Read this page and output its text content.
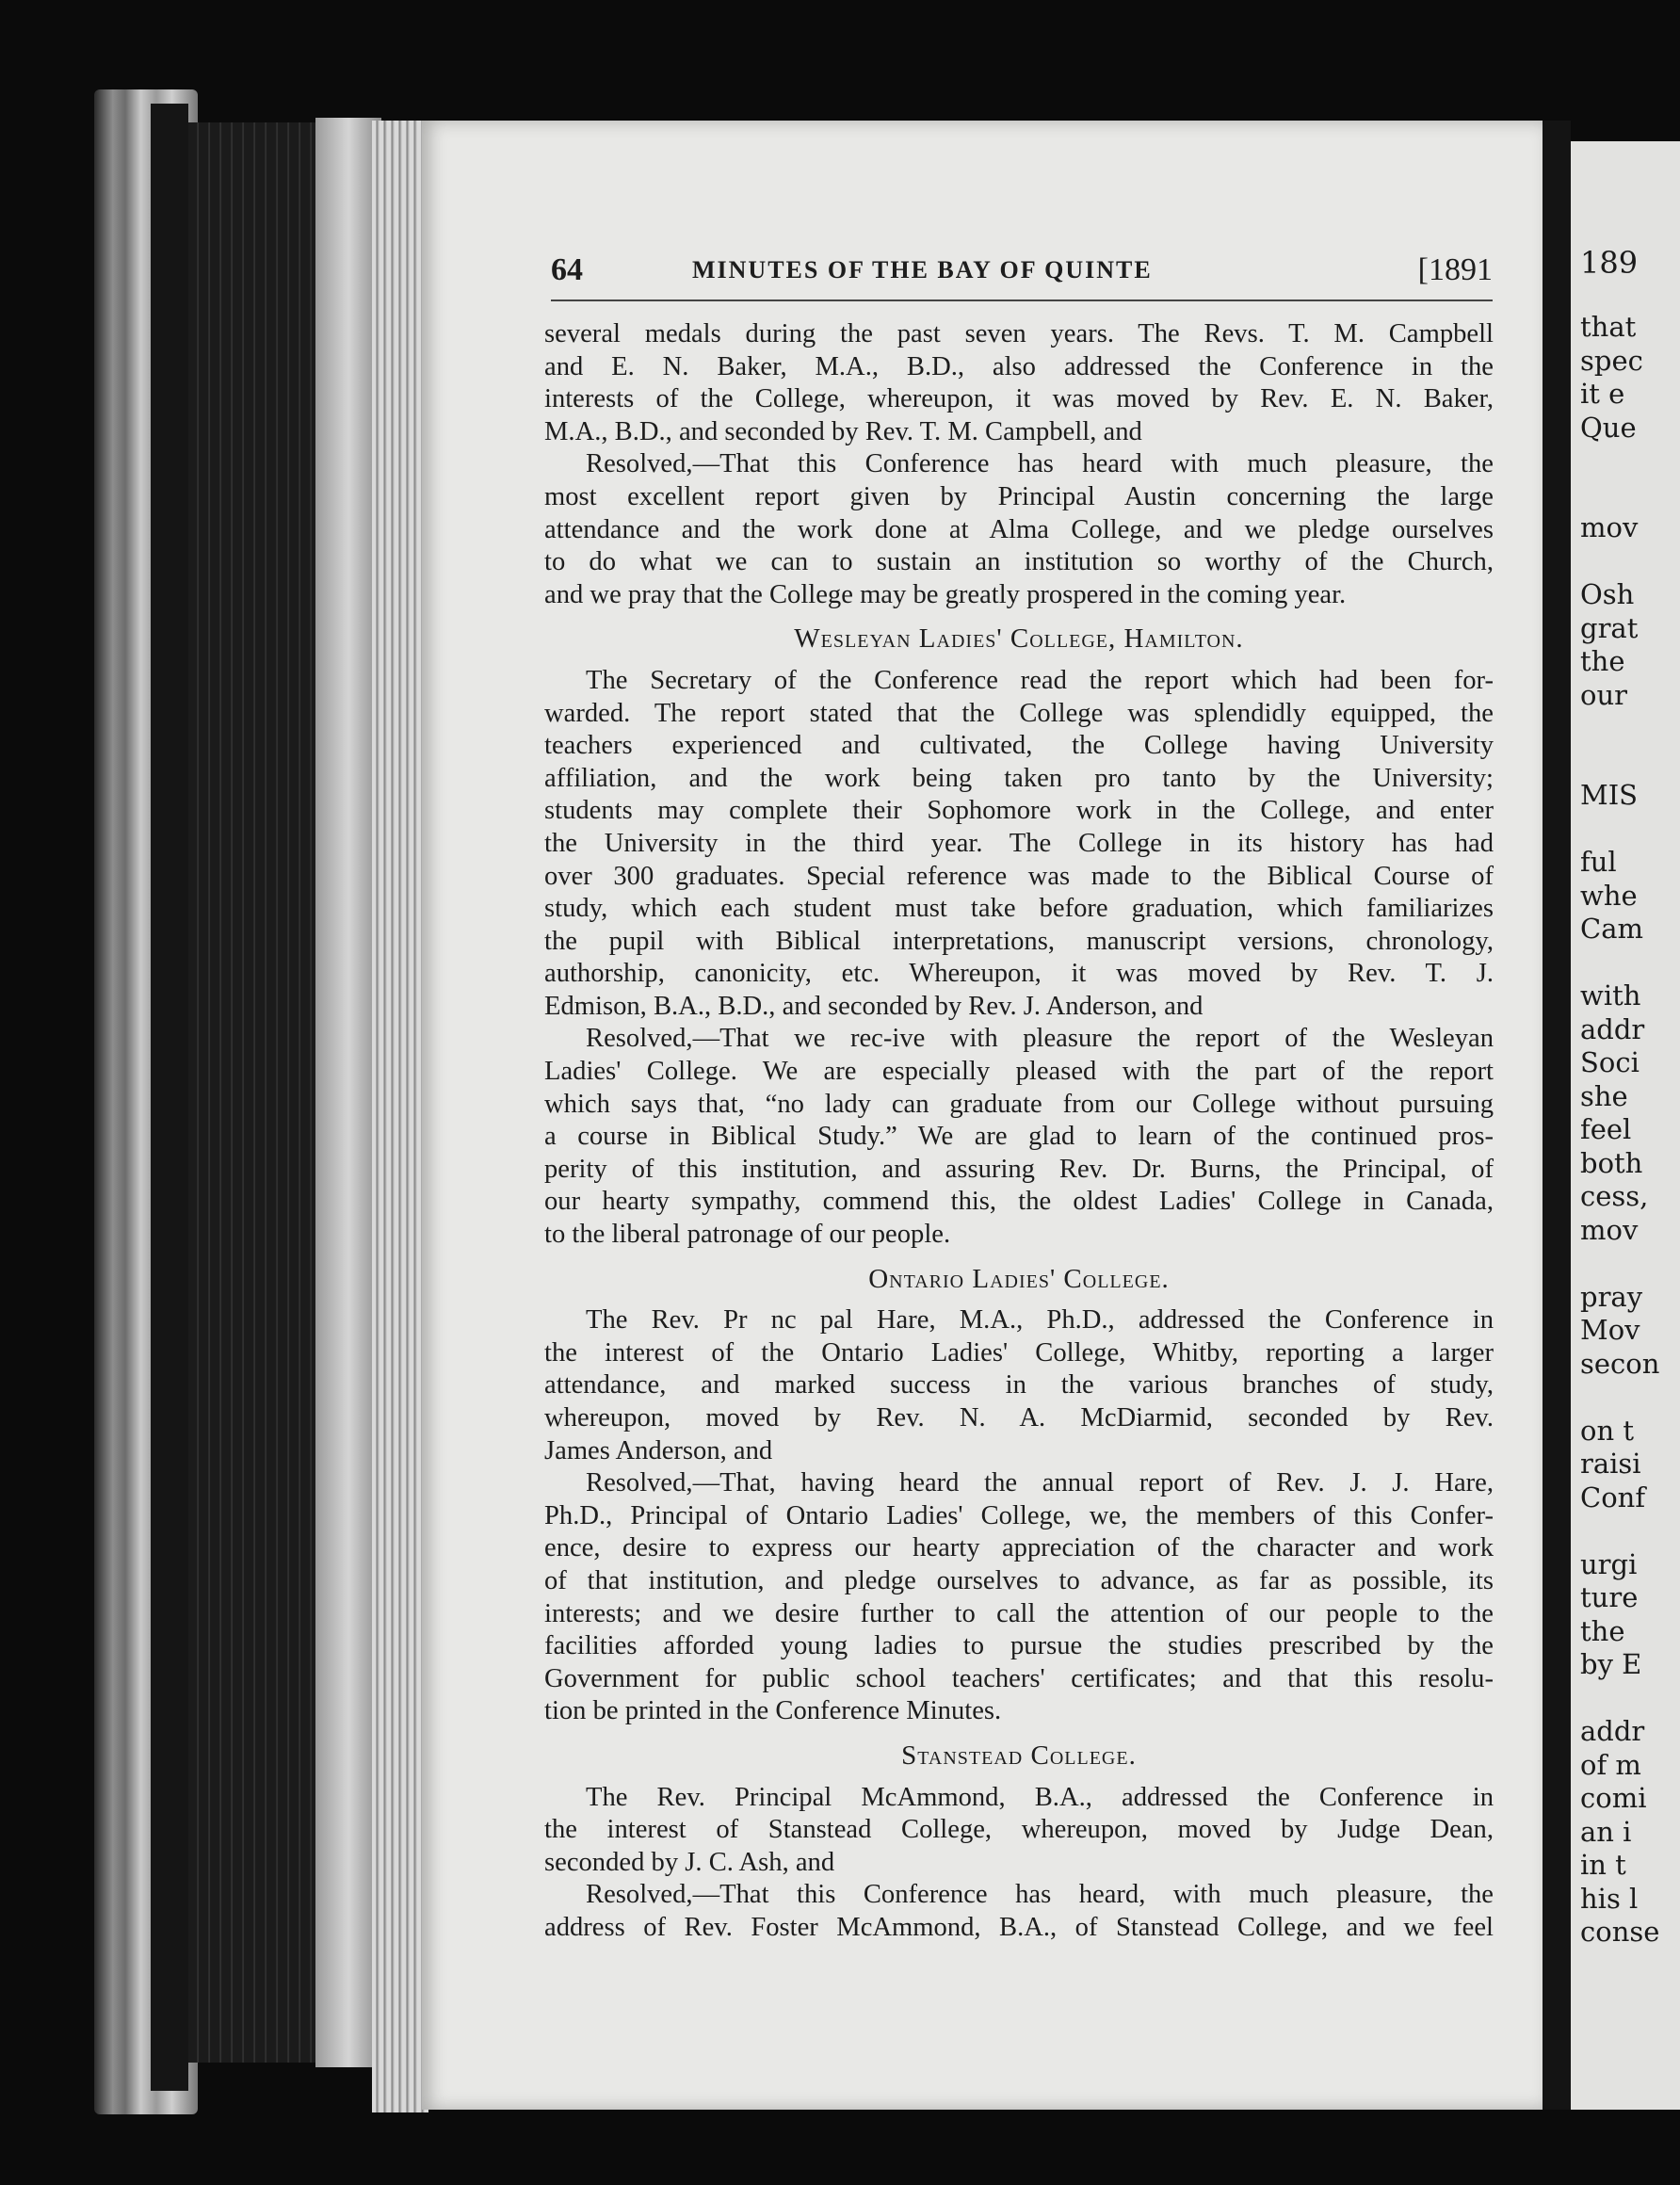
189
that
spec
it e
Que
mov
Osh
grat
the
our
MIS
ful
whe
Cam
with
addr
Soci
she
feel
both
cess,
mov
pray
Mov
secon
on t
raisi
Conf
urgi
ture
the
by E
addr
of m
comi
an i
in t
his l
conse
64	MINUTES OF THE BAY OF QUINTE	[1891
several medals during the past seven years. The Revs. T. M. Campbell
and E. N. Baker, M.A., B.D., also addressed the Conference in the
interests of the College, whereupon, it was moved by Rev. E. N. Baker,
M.A., B.D., and seconded by Rev. T. M. Campbell, and
Resolved,—That this Conference has heard with much pleasure, the
most excellent report given by Principal Austin concerning the large
attendance and the work done at Alma College, and we pledge ourselves
to do what we can to sustain an institution so worthy of the Church,
and we pray that the College may be greatly prospered in the coming year.
Wesleyan Ladies' College, Hamilton.
The Secretary of the Conference read the report which had been for-
warded. The report stated that the College was splendidly equipped, the
teachers experienced and cultivated, the College having University
affiliation, and the work being taken pro tanto by the University;
students may complete their Sophomore work in the College, and enter
the University in the third year. The College in its history has had
over 300 graduates. Special reference was made to the Biblical Course of
study, which each student must take before graduation, which familiarizes
the pupil with Biblical interpretations, manuscript versions, chronology,
authorship, canonicity, etc. Whereupon, it was moved by Rev. T. J.
Edmison, B.A., B.D., and seconded by Rev. J. Anderson, and
Resolved,—That we rec-ive with pleasure the report of the Wesleyan
Ladies' College. We are especially pleased with the part of the report
which says that, “no lady can graduate from our College without pursuing
a course in Biblical Study.” We are glad to learn of the continued pros-
perity of this institution, and assuring Rev. Dr. Burns, the Principal, of
our hearty sympathy, commend this, the oldest Ladies' College in Canada,
to the liberal patronage of our people.
Ontario Ladies' College.
The Rev. Pr nc pal Hare, M.A., Ph.D., addressed the Conference in
the interest of the Ontario Ladies' College, Whitby, reporting a larger
attendance, and marked success in the various branches of study,
whereupon, moved by Rev. N. A. McDiarmid, seconded by Rev.
James Anderson, and
Resolved,—That, having heard the annual report of Rev. J. J. Hare,
Ph.D., Principal of Ontario Ladies' College, we, the members of this Confer-
ence, desire to express our hearty appreciation of the character and work
of that institution, and pledge ourselves to advance, as far as possible, its
interests; and we desire further to call the attention of our people to the
facilities afforded young ladies to pursue the studies prescribed by the
Government for public school teachers' certificates; and that this resolu-
tion be printed in the Conference Minutes.
Stanstead College.
The Rev. Principal McAmmond, B.A., addressed the Conference in
the interest of Stanstead College, whereupon, moved by Judge Dean,
seconded by J. C. Ash, and
Resolved,—That this Conference has heard, with much pleasure, the
address of Rev. Foster McAmmond, B.A., of Stanstead College, and we feel
